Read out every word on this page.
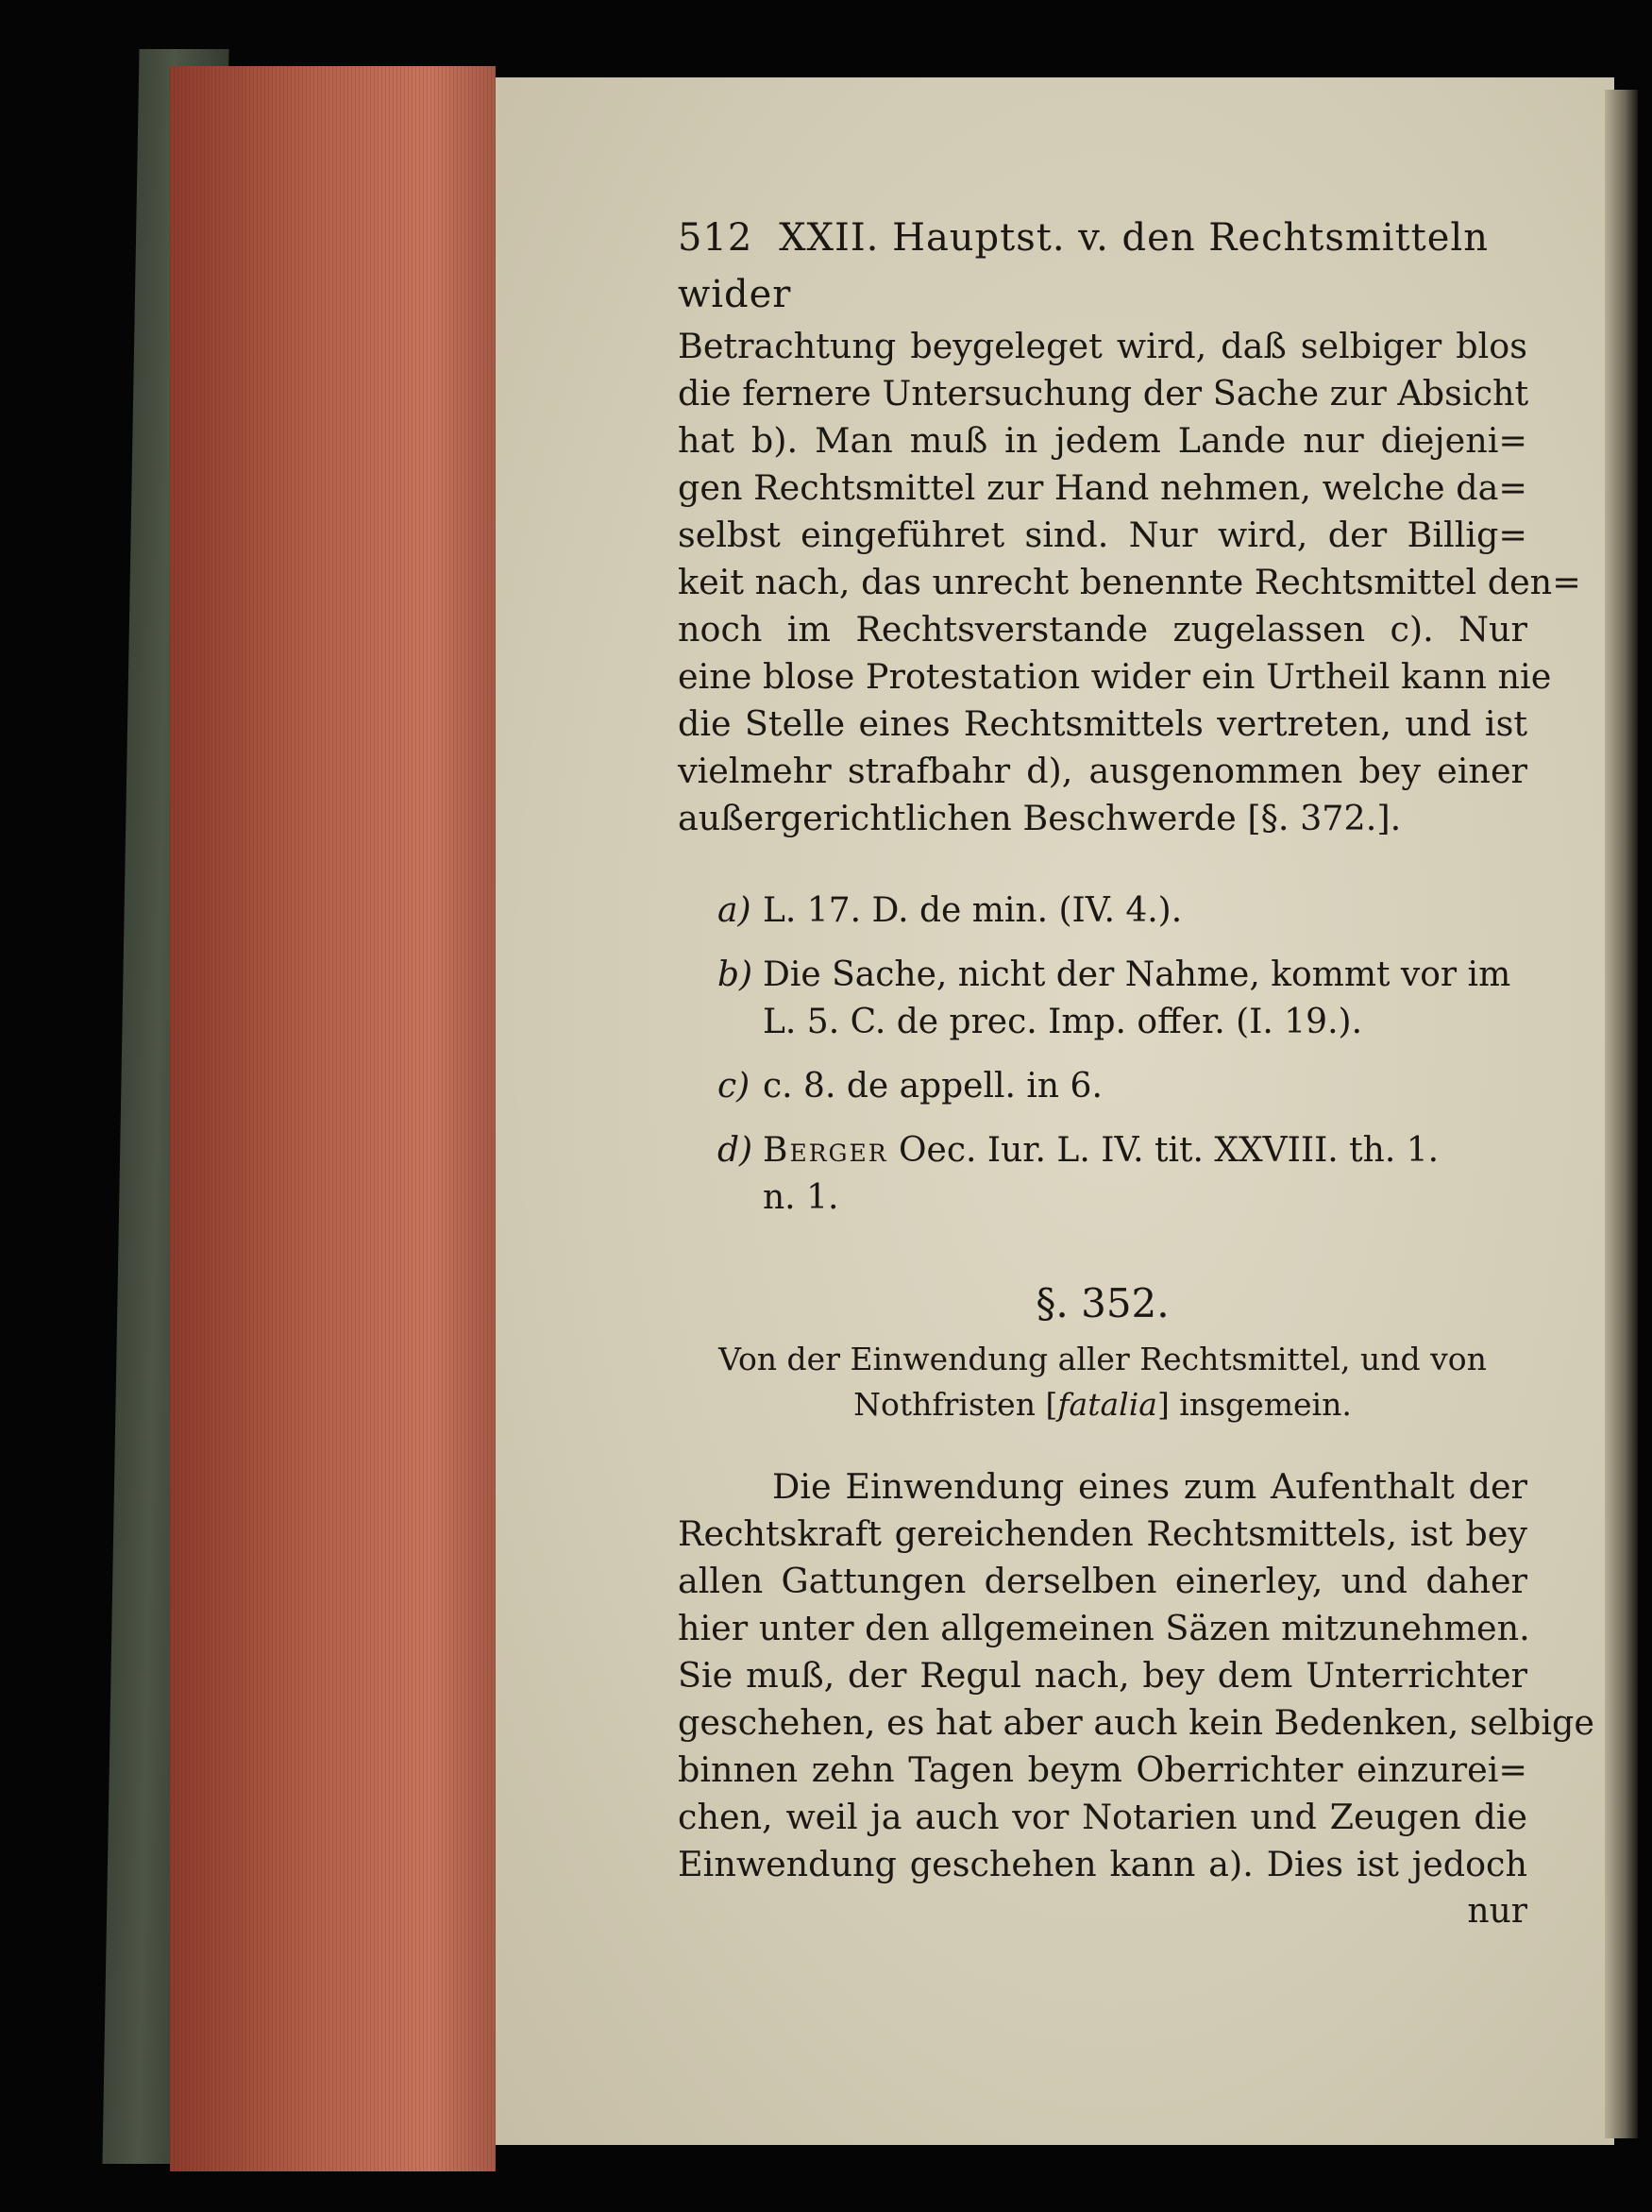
512 XXII. Hauptst. v. den Rechtsmitteln wider
Betrachtung beygeleget wird, daß selbiger blos
die fernere Untersuchung der Sache zur Absicht
hat b). Man muß in jedem Lande nur diejeni=
gen Rechtsmittel zur Hand nehmen, welche da=
selbst eingeführet sind. Nur wird, der Billig=
keit nach, das unrecht benennte Rechtsmittel den=
noch im Rechtsverstande zugelassen c). Nur
eine blose Protestation wider ein Urtheil kann nie
die Stelle eines Rechtsmittels vertreten, und ist
vielmehr strafbahr d), ausgenommen bey einer
außergerichtlichen Beschwerde [§. 372.].
a) L. 17. D. de min. (IV. 4.).
b) Die Sache, nicht der Nahme, kommt vor im
L. 5. C. de prec. Imp. offer. (I. 19.).
c) c. 8. de appell. in 6.
d) Berger Oec. Iur. L. IV. tit. XXVIII. th. 1.
n. 1.
§. 352.
Von der Einwendung aller Rechtsmittel, und von
Nothfristen [fatalia] insgemein.
Die Einwendung eines zum Aufenthalt der
Rechtskraft gereichenden Rechtsmittels, ist bey
allen Gattungen derselben einerley, und daher
hier unter den allgemeinen Säzen mitzunehmen.
Sie muß, der Regul nach, bey dem Unterrichter
geschehen, es hat aber auch kein Bedenken, selbige
binnen zehn Tagen beym Oberrichter einzurei=
chen, weil ja auch vor Notarien und Zeugen die
Einwendung geschehen kann a). Dies ist jedoch
nur
